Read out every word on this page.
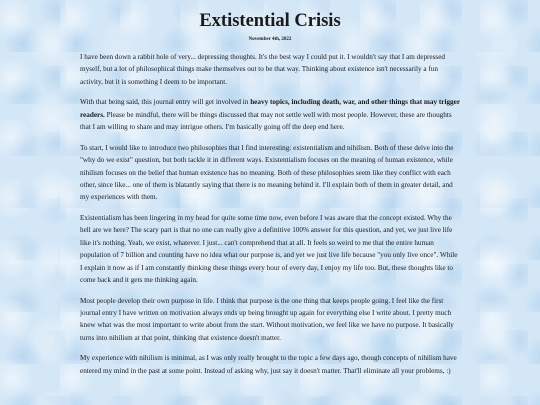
Extistential Crisis
November 4th, 2022

I have been down a rabbit hole of very... depressing thoughts. It's the best way I could put it. I wouldn't say that I am depressed myself, but a lot of philosophical things make themselves out to be that way. Thinking about existence isn't necessarily a fun activity, but it is something I deem to be important.

With that being said, this journal entry will get involved in heavy topics, including death, war, and other things that may trigger readers. Please be mindful, there will be things discussed that may not settle well with most people. However, these are thoughts that I am willing to share and may intrigue others. I'm basically going off the deep end here.

To start, I would like to introduce two philosophies that I find interesting: existentialism and nihilism. Both of these delve into the "why do we exist" question, but both tackle it in different ways. Existentialism focuses on the meaning of human existence, while nihilism focuses on the belief that human existence has no meaning. Both of these philosophies seem like they conflict with each other, since like... one of them is blatantly saying that there is no meaning behind it. I'll explain both of them in greater detail, and my experiences with them.

Existentialism has been lingering in my head for quite some time now, even before I was aware that the concept existed. Why the hell are we here? The scary part is that no one can really give a definitive 100% answer for this question, and yet, we just live life like it's nothing. Yeah, we exist, whatever. I just... can't comprehend that at all. It feels so weird to me that the entire human population of 7 billion and counting have no idea what our purpose is, and yet we just live life because "you only live once". While I explain it now as if I am constantly thinking these things every hour of every day, I enjoy my life too. But, these thoughts like to come back and it gets me thinking again.

Most people develop their own purpose in life. I think that purpose is the one thing that keeps people going. I feel like the first journal entry I have written on motivation always ends up being brought up again for everything else I write about. I pretty much knew what was the most important to write about from the start. Without motivation, we feel like we have no purpose. It basically turns into nihilism at that point, thinking that existence doesn't matter.

My experience with nihilism is minimal, as I was only really brought to the topic a few days ago, though concepts of nihilism have entered my mind in the past at some point. Instead of asking why, just say it doesn't matter. That'll eliminate all your problems, :)
